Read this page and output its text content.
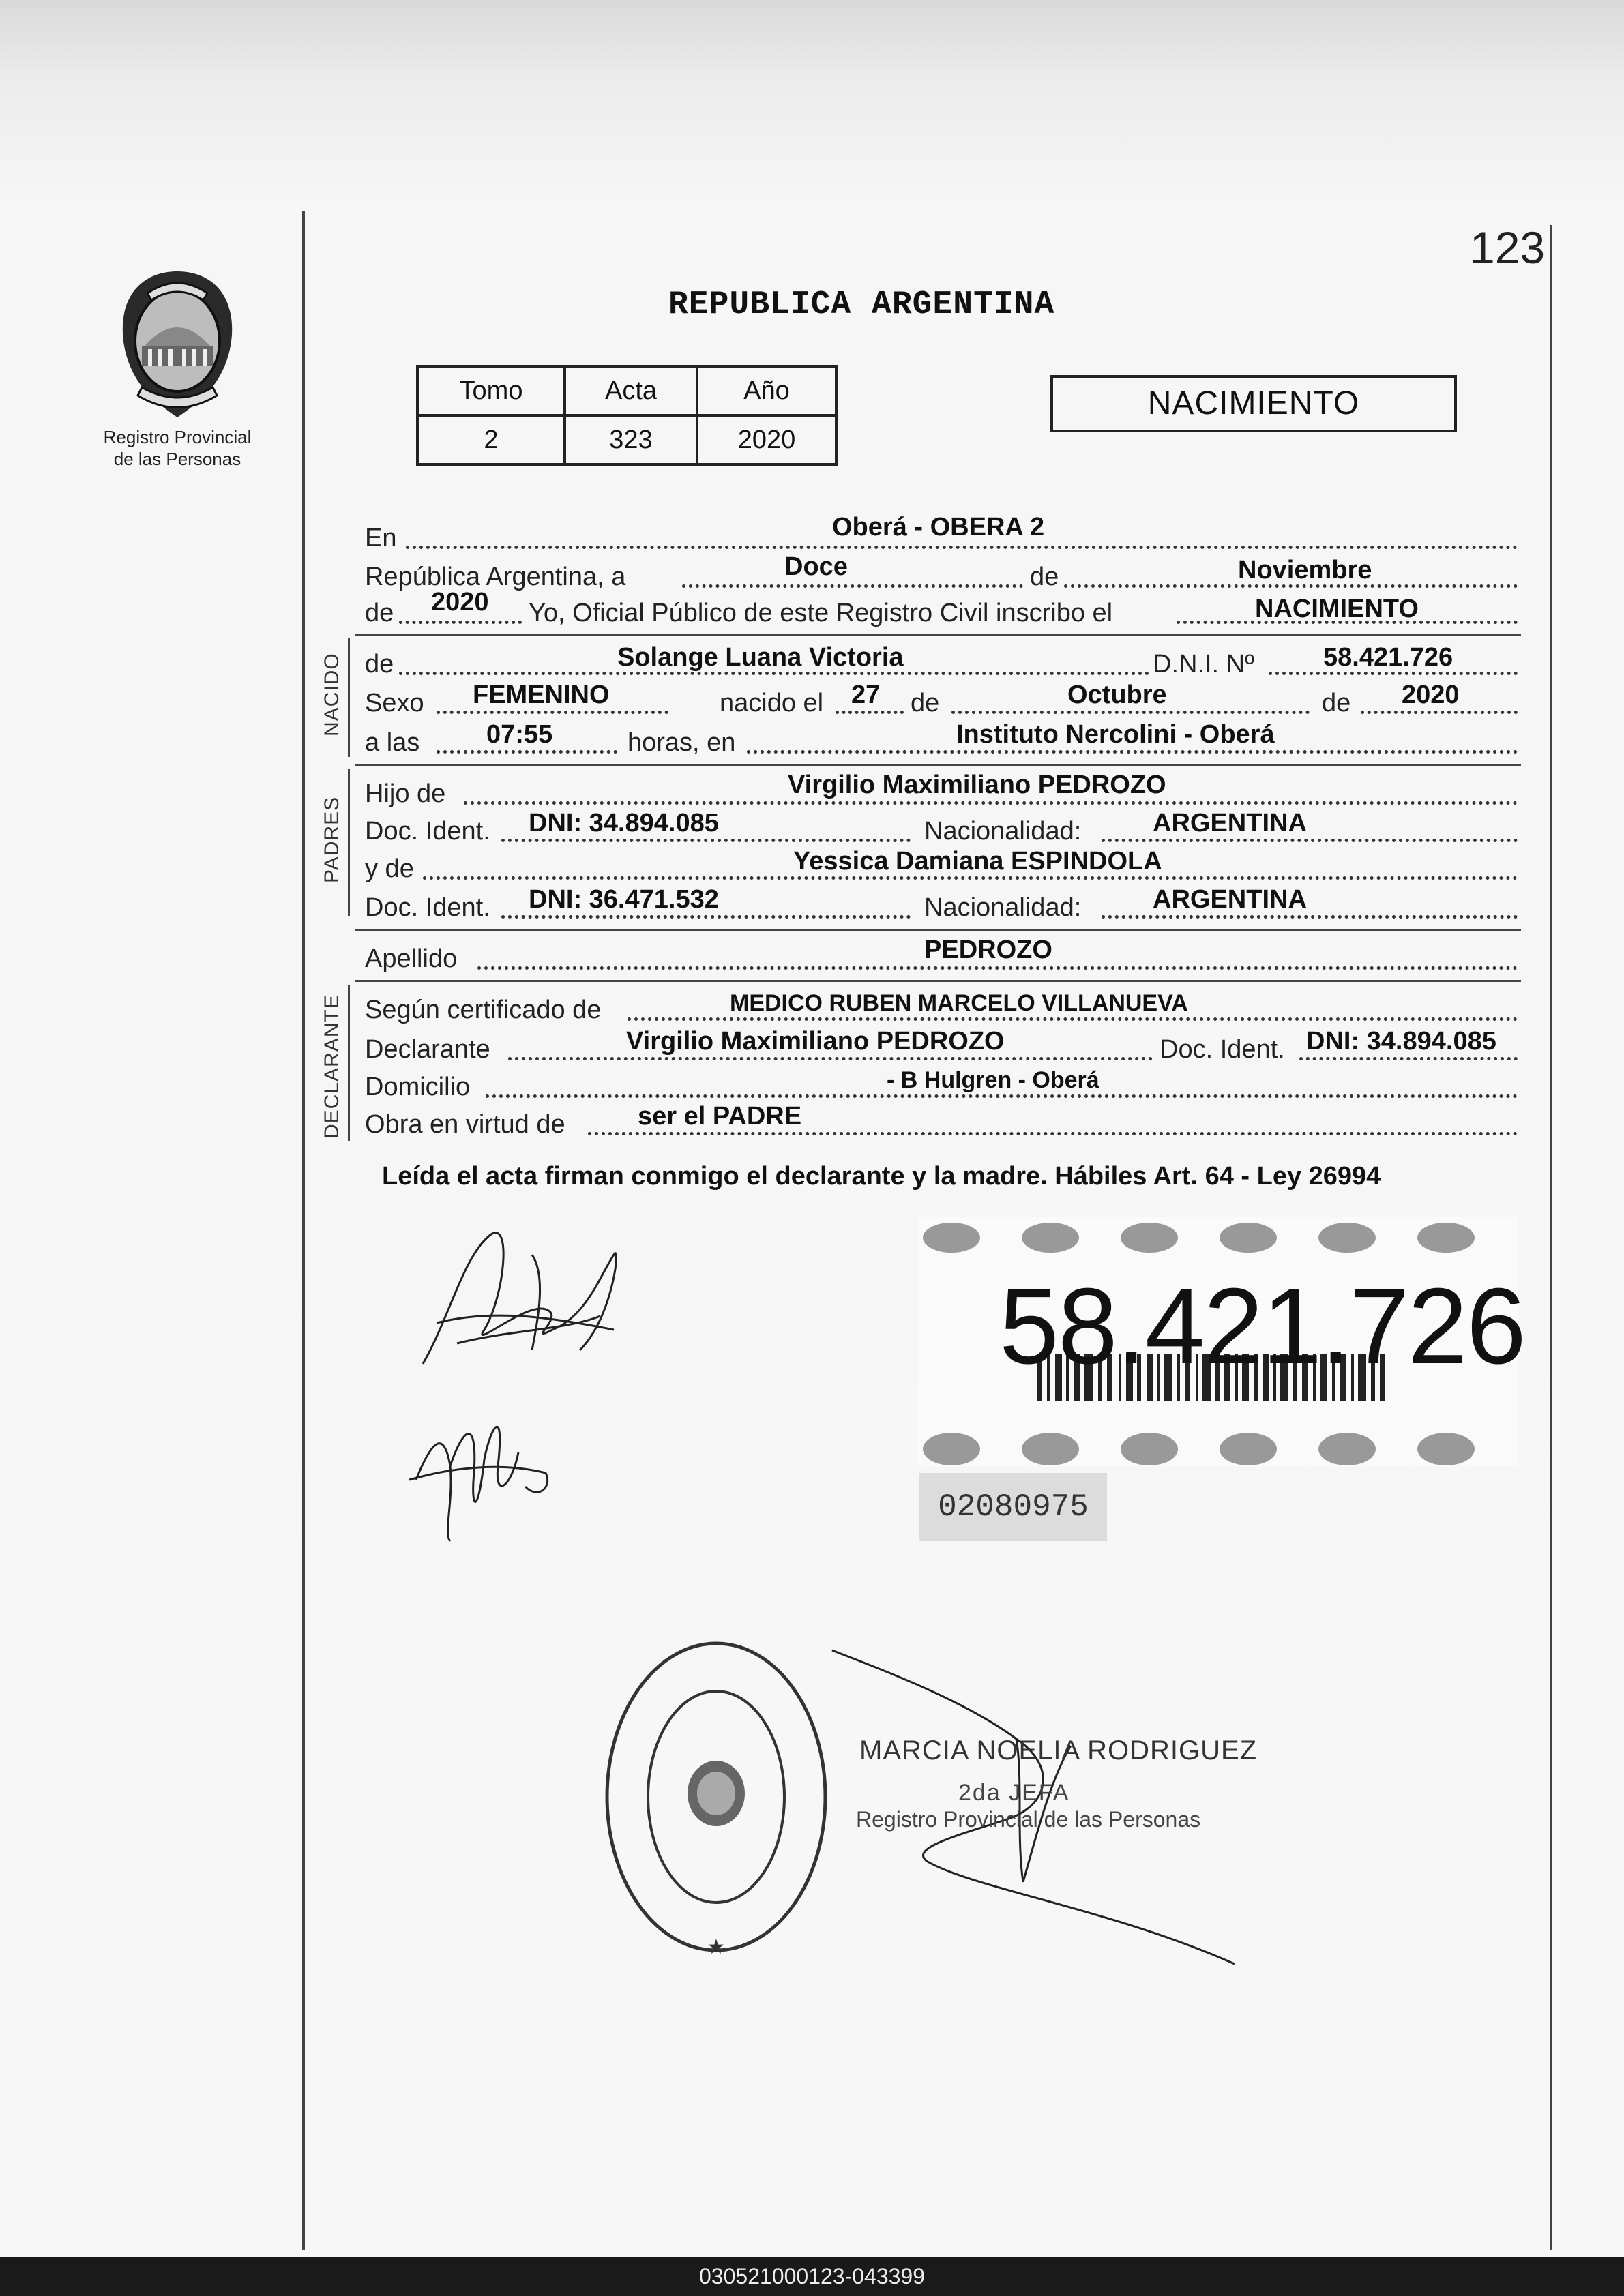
123
Registro Provincial
de las Personas
REPUBLICA ARGENTINA
Tomo	Acta	Año
2	323	2020
NACIMIENTO
En	Oberá - OBERA 2
República Argentina, a	Doce	de	Noviembre
de 2020 Yo, Oficial Público de este Registro Civil inscribo el	NACIMIENTO
NACIDO de	Solange Luana Victoria	D.N.I. Nº	58.421.726
Sexo FEMENINO	nacido el 27 de	Octubre	de 2020
a las	07:55	horas, en	Instituto Nercolini - Oberá
PADRES
Hijo de	Virgilio Maximiliano PEDROZO
Doc. Ident. DNI: 34.894.085	Nacionalidad:	ARGENTINA
y de	Yessica Damiana ESPINDOLA
Doc. Ident. DNI: 36.471.532	Nacionalidad:	ARGENTINA
Apellido	PEDROZO
DECLARANTE Según certificado de	MEDICO RUBEN MARCELO VILLANUEVA
Declarante	Virgilio Maximiliano PEDROZO	Doc. Ident. DNI: 34.894.085
Domicilio	- B Hulgren - Oberá
Obra en virtud de	ser el PADRE
Leída el acta firman conmigo el declarante y la madre. Hábiles Art. 64 - Ley 26994
58.421.726
02080975
★
MARCIA NOELIA RODRIGUEZ
2da JEFA
Registro Provincial de las Personas
030521000123-043399
